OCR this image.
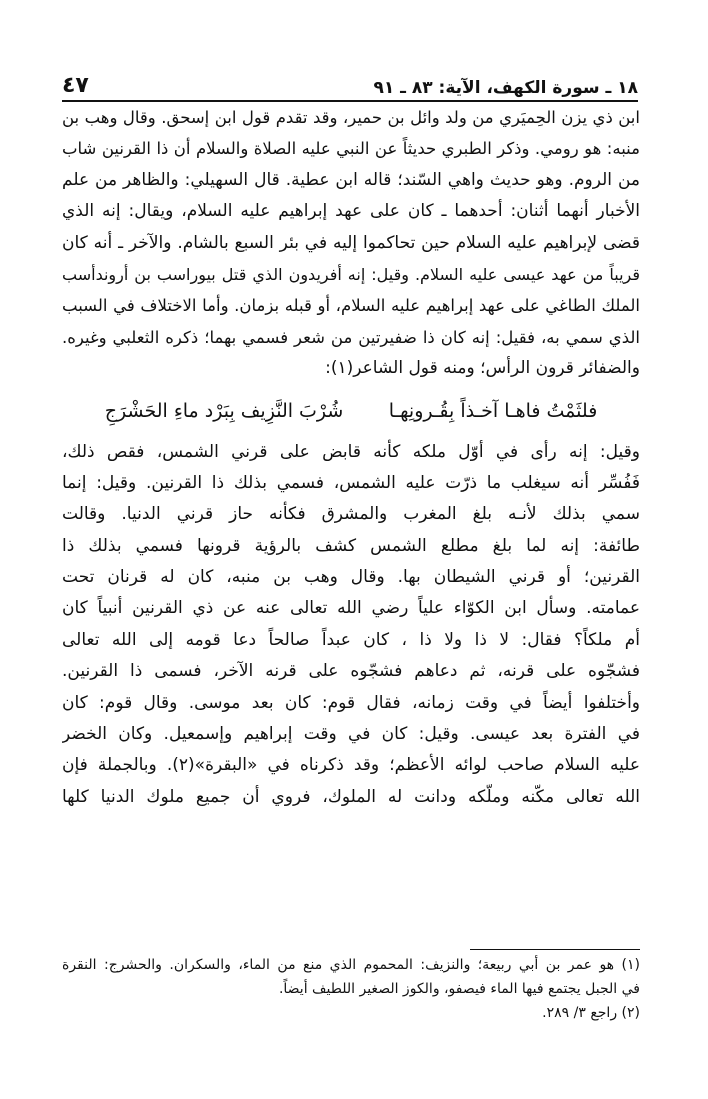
١٨ ـ سورة الكهف، الآية: ٨٣ ـ ٩١
٤٧
ابن ذي يزن الحِميَري من ولد وائل بن حمير، وقد تقدم قول ابن إسحق. وقال وهب بن
منبه: هو رومي. وذكر الطبري حديثاً عن النبي عليه الصلاة والسلام أن ذا القرنين شاب
من الروم. وهو حديث واهي السّند؛ قاله ابن عطية. قال السهيلي: والظاهر من علم
الأخبار أنهما أثنان: أحدهما ـ كان على عهد إبراهيم عليه السلام، ويقال: إنه الذي
قضى لإبراهيم عليه السلام حين تحاكموا إليه في بئر السبع بالشام. والآخر ـ أنه كان
قريباً من عهد عيسى عليه السلام. وقيل: إنه أفريدون الذي قتل بيوراسب بن أروندأسب
الملك الطاغي على عهد إبراهيم عليه السلام، أو قبله بزمان. وأما الاختلاف في السبب
الذي سمي به، فقيل: إنه كان ذا ضفيرتين من شعر فسمي بهما؛ ذكره الثعلبي وغيره.
والضفائر قرون الرأس؛ ومنه قول الشاعر(١):
فلثَمْتُ فاهـا آخـذاً بِقُـرونِهـا
شُرْبَ النَّزِيف بِبَرْد ماءِ الحَشْرَجِ
وقيل: إنه رأى في أوّل ملكه كأنه قابض على قرني الشمس، فقص ذلك،
فَفُسِّر أنه سيغلب ما ذرّت عليه الشمس، فسمي بذلك ذا القرنين. وقيل: إنما
سمي بذلك لأنـه بلغ المغرب والمشرق فكأنه حاز قرني الدنيا. وقالت
طائفة: إنه لما بلغ مطلع الشمس كشف بالرؤية قرونها فسمي بذلك ذا
القرنين؛ أو قرني الشيطان بها. وقال وهب بن منبه، كان له قرنان تحت
عمامته. وسأل ابن الكوّاء علياً رضي الله تعالى عنه عن ذي القرنين أنبياً كان
أم ملكاً؟ فقال: لا ذا ولا ذا ، كان عبداً صالحاً دعا قومه إلى الله تعالى
فشجّوه على قرنه، ثم دعاهم فشجّوه على قرنه الآخر، فسمى ذا القرنين.
وأختلفوا أيضاً في وقت زمانه، فقال قوم: كان بعد موسى. وقال قوم: كان
في الفترة بعد عيسى. وقيل: كان في وقت إبراهيم وإسمعيل. وكان الخضر
عليه السلام صاحب لوائه الأعظم؛ وقد ذكرناه في «البقرة»(٢). وبالجملة فإن
الله تعالى مكّنه وملّكه ودانت له الملوك، فروي أن جميع ملوك الدنيا كلها
(١) هو عمر بن أبي ربيعة؛ والنزيف: المحموم الذي منع من الماء، والسكران. والحشرج: النقرة
في الجبل يجتمع فيها الماء فيصفو، والكوز الصغير اللطيف أيضاً.
(٢) راجع ٣/ ٢٨٩.
